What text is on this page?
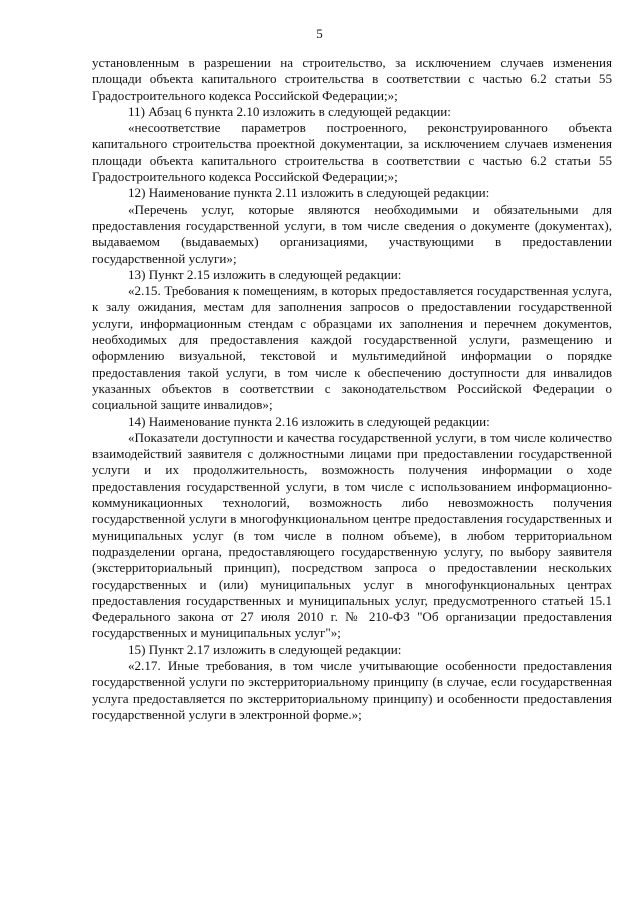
5

установленным в разрешении на строительство, за исключением случаев изменения площади объекта капитального строительства в соответствии с частью 6.2 статьи 55 Градостроительного кодекса Российской Федерации;»;

11) Абзац 6 пункта 2.10 изложить в следующей редакции:

«несоответствие параметров построенного, реконструированного объекта капитального строительства проектной документации, за исключением случаев изменения площади объекта капитального строительства в соответствии с частью 6.2 статьи 55 Градостроительного кодекса Российской Федерации;»;

12) Наименование пункта 2.11 изложить в следующей редакции:

«Перечень услуг, которые являются необходимыми и обязательными для предоставления государственной услуги, в том числе сведения о документе (документах), выдаваемом (выдаваемых) организациями, участвующими в предоставлении государственной услуги»;

13) Пункт 2.15 изложить в следующей редакции:

«2.15. Требования к помещениям, в которых предоставляется государственная услуга, к залу ожидания, местам для заполнения запросов о предоставлении государственной услуги, информационным стендам с образцами их заполнения и перечнем документов, необходимых для предоставления каждой государственной услуги, размещению и оформлению визуальной, текстовой и мультимедийной информации о порядке предоставления такой услуги, в том числе к обеспечению доступности для инвалидов указанных объектов в соответствии с законодательством Российской Федерации о социальной защите инвалидов»;

14) Наименование пункта 2.16 изложить в следующей редакции:

«Показатели доступности и качества государственной услуги, в том числе количество взаимодействий заявителя с должностными лицами при предоставлении государственной услуги и их продолжительность, возможность получения информации о ходе предоставления государственной услуги, в том числе с использованием информационно-коммуникационных технологий, возможность либо невозможность получения государственной услуги в многофункциональном центре предоставления государственных и муниципальных услуг (в том числе в полном объеме), в любом территориальном подразделении органа, предоставляющего государственную услугу, по выбору заявителя (экстерриториальный принцип), посредством запроса о предоставлении нескольких государственных и (или) муниципальных услуг в многофункциональных центрах предоставления государственных и муниципальных услуг, предусмотренного статьей 15.1 Федерального закона от 27 июля 2010 г. № 210-ФЗ "Об организации предоставления государственных и муниципальных услуг"»;

15) Пункт 2.17 изложить в следующей редакции:

«2.17. Иные требования, в том числе учитывающие особенности предоставления государственной услуги по экстерриториальному принципу (в случае, если государственная услуга предоставляется по экстерриториальному принципу) и особенности предоставления государственной услуги в электронной форме.»;
